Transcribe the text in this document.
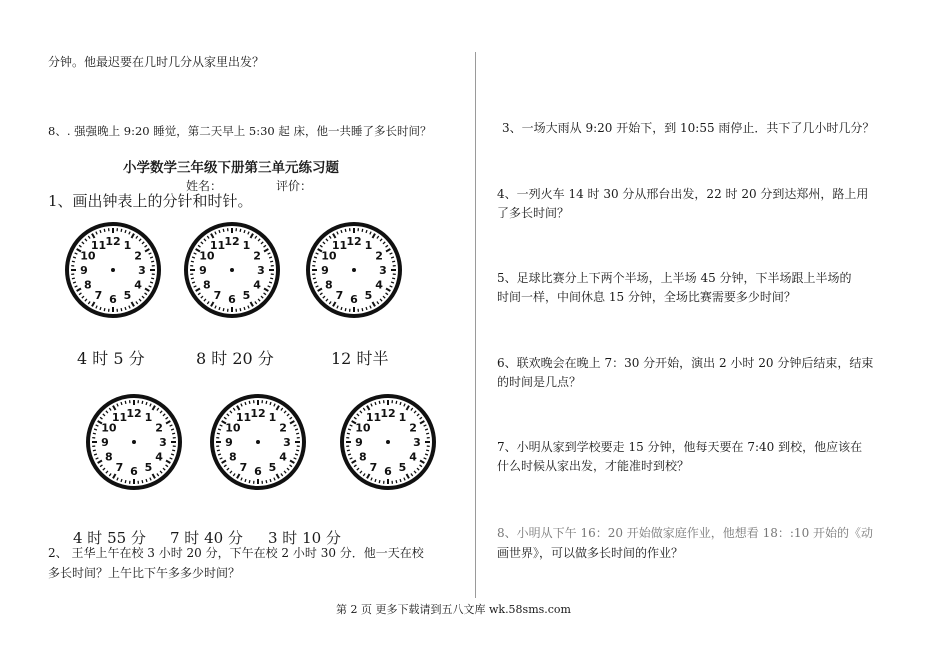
分钟。他最迟要在几时几分从家里出发？
8、. 强强晚上 9:20 睡觉，第二天早上 5:30 起 床，他一共睡了多长时间？
小学数学三年级下册第三单元练习题
姓名：	评价：
1、画出钟表上的分针和时针。
12 1
2
3
4
5
6
7
8
9
10
11	12 1
2
3
4
5
6
7
8
9
10
11	12 1
2
3
4
5
6
7
8
9
10
11
4 时 5 分	8 时 20 分	12 时半
12 1
2
3
4
5
6
7
8
9
10
11	12 1
2
3
4
5
6
7
8
9
10
11	12 1
2
3
4
5
6
7
8
9
10
11
4 时 55 分 7 时 40 分 3 时 10 分
2、 王华上午在校 3 小时 20 分，下午在校 2 小时 30 分．他一天在校
多长时间？上午比下午多多少时间？
3、一场大雨从 9:20 开始下，到 10:55 雨停止．共下了几小时几分？
4、一列火车 14 时 30 分从邢台出发，22 时 20 分到达郑州，路上用
了多长时间？
5、足球比赛分上下两个半场，上半场 45 分钟，下半场跟上半场的
时间一样，中间休息 15 分钟，全场比赛需要多少时间？
6、联欢晚会在晚上 7：30 分开始，演出 2 小时 20 分钟后结束，结束
的时间是几点？
7、小明从家到学校要走 15 分钟，他每天要在 7:40 到校，他应该在
什么时候从家出发，才能准时到校？
8、小明从下午 16：20 开始做家庭作业，他想看 18：:10 开始的《动
画世界》，可以做多长时间的作业？
第 2 页 更多下载请到五八文库 wk.58sms.com
